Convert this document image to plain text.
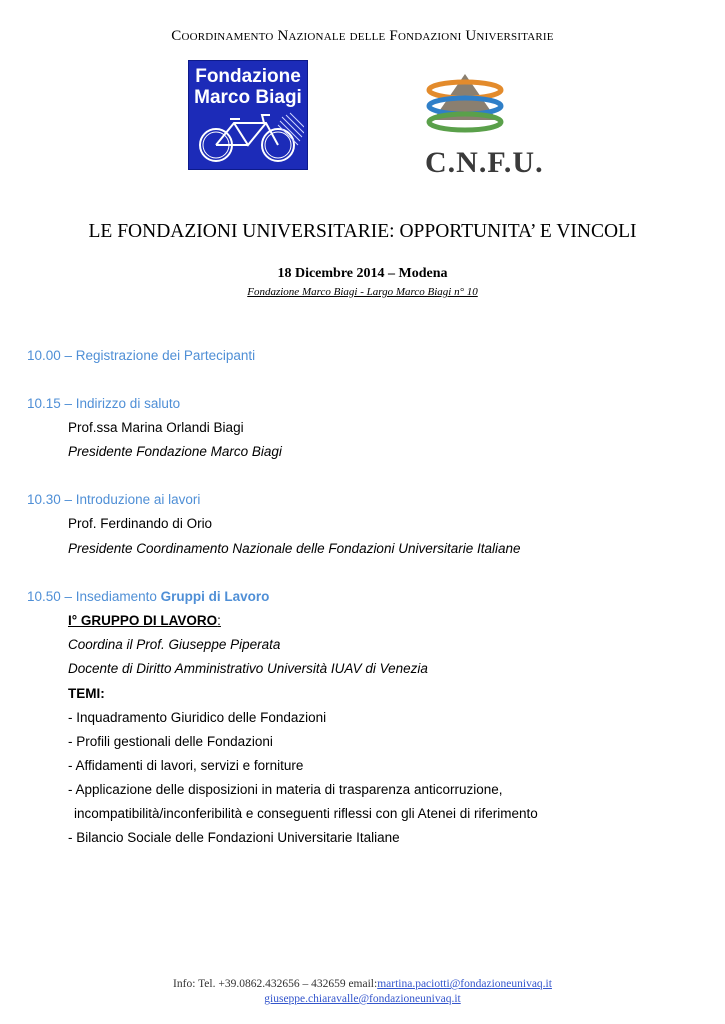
Coordinamento Nazionale delle Fondazioni Universitarie
Fondazione
Marco Biagi
C.N.F.U.
LE FONDAZIONI UNIVERSITARIE: OPPORTUNITA’ E VINCOLI
18 Dicembre 2014 – Modena
Fondazione Marco Biagi - Largo Marco Biagi n° 10
10.00 – Registrazione dei Partecipanti
10.15 – Indirizzo di saluto
Prof.ssa Marina Orlandi Biagi
Presidente Fondazione Marco Biagi
10.30 – Introduzione ai lavori
Prof. Ferdinando di Orio
Presidente Coordinamento Nazionale delle Fondazioni Universitarie Italiane
10.50 – Insediamento Gruppi di Lavoro
I° GRUPPO DI LAVORO:
Coordina il Prof. Giuseppe Piperata
Docente di Diritto Amministrativo Università IUAV di Venezia
TEMI:
- Inquadramento Giuridico delle Fondazioni
- Profili gestionali delle Fondazioni
- Affidamenti di lavori, servizi e forniture
- Applicazione delle disposizioni in materia di trasparenza anticorruzione,
incompatibilità/inconferibilità e conseguenti riflessi con gli Atenei di riferimento
- Bilancio Sociale delle Fondazioni Universitarie Italiane
Info: Tel. +39.0862.432656 – 432659 email:martina.paciotti@fondazioneunivaq.it
giuseppe.chiaravalle@fondazioneunivaq.it
